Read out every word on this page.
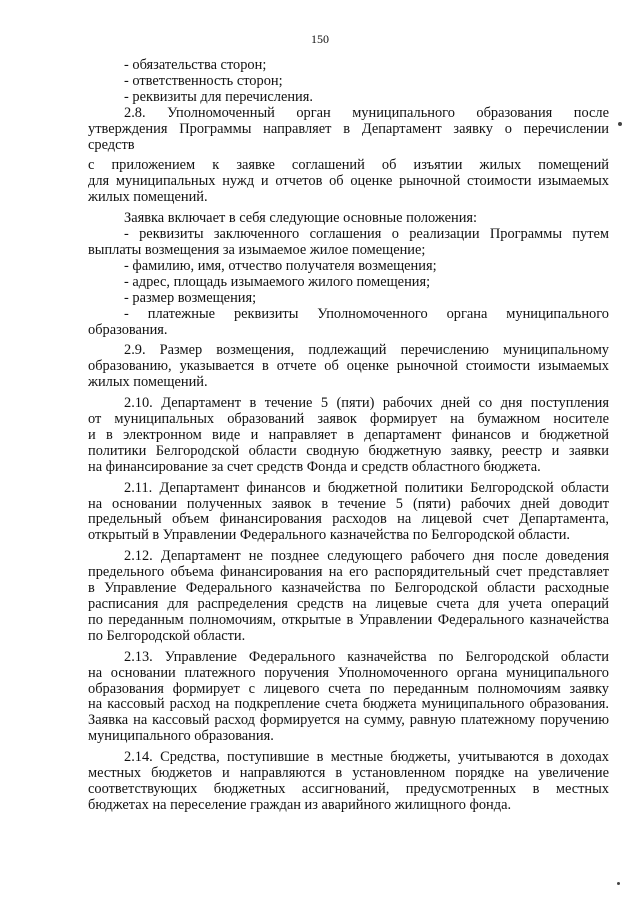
150

- обязательства сторон;

- ответственность сторон;

- реквизиты для перечисления.

2.8. Уполномоченный орган муниципального образования после
утверждения Программы направляет в Департамент заявку о перечислении
средств

с приложением к заявке соглашений об изъятии жилых помещений
для муниципальных нужд и отчетов об оценке рыночной стоимости изымаемых
жилых помещений.

Заявка включает в себя следующие основные положения:

- реквизиты заключенного соглашения о реализации Программы путем
выплаты возмещения за изымаемое жилое помещение;

- фамилию, имя, отчество получателя возмещения;

- адрес, площадь изымаемого жилого помещения;

- размер возмещения;

- платежные реквизиты Уполномоченного органа муниципального
образования.

2.9. Размер возмещения, подлежащий перечислению муниципальному
образованию, указывается в отчете об оценке рыночной стоимости изымаемых
жилых помещений.

2.10. Департамент в течение 5 (пяти) рабочих дней со дня поступления
от муниципальных образований заявок формирует на бумажном носителе
и в электронном виде и направляет в департамент финансов и бюджетной
политики Белгородской области сводную бюджетную заявку, реестр и заявки
на финансирование за счет средств Фонда и средств областного бюджета.

2.11. Департамент финансов и бюджетной политики Белгородской области
на основании полученных заявок в течение 5 (пяти) рабочих дней доводит
предельный объем финансирования расходов на лицевой счет Департамента,
открытый в Управлении Федерального казначейства по Белгородской области.

2.12. Департамент не позднее следующего рабочего дня после доведения
предельного объема финансирования на его распорядительный счет представляет
в Управление Федерального казначейства по Белгородской области расходные
расписания для распределения средств на лицевые счета для учета операций
по переданным полномочиям, открытые в Управлении Федерального казначейства
по Белгородской области.

2.13. Управление Федерального казначейства по Белгородской области
на основании платежного поручения Уполномоченного органа муниципального
образования формирует с лицевого счета по переданным полномочиям заявку
на кассовый расход на подкрепление счета бюджета муниципального образования.
Заявка на кассовый расход формируется на сумму, равную платежному поручению
муниципального образования.

2.14. Средства, поступившие в местные бюджеты, учитываются в доходах
местных бюджетов и направляются в установленном порядке на увеличение
соответствующих бюджетных ассигнований, предусмотренных в местных
бюджетах на переселение граждан из аварийного жилищного фонда.
